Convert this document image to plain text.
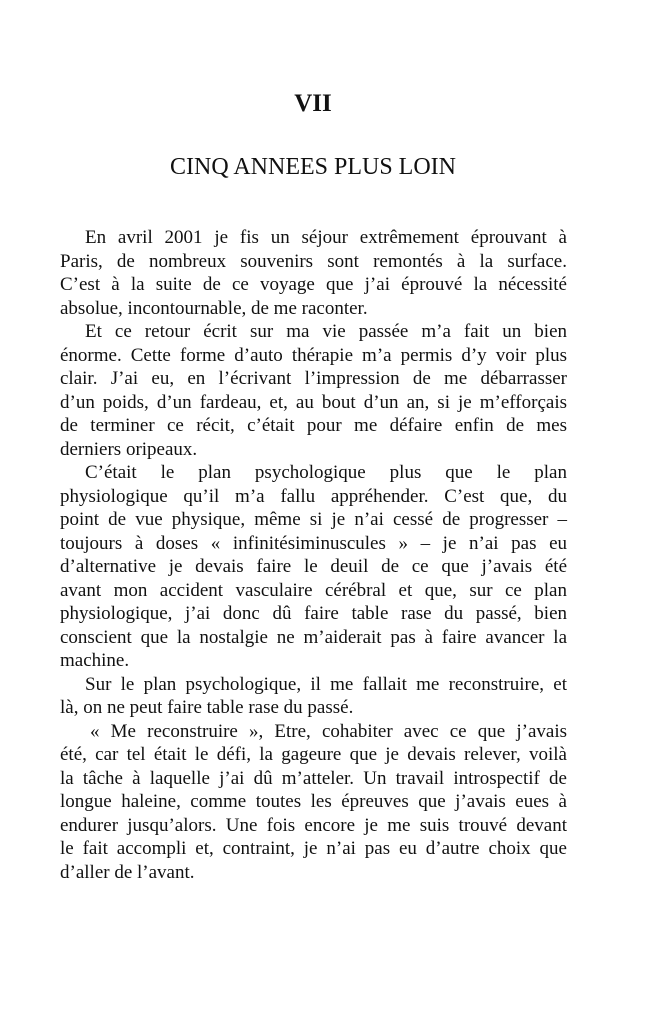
VII
CINQ ANNEES PLUS LOIN
En avril 2001 je fis un séjour extrêmement éprouvant à
Paris, de nombreux souvenirs sont remontés à la surface.
C’est à la suite de ce voyage que j’ai éprouvé la nécessité
absolue, incontournable, de me raconter.
Et ce retour écrit sur ma vie passée m’a fait un bien
énorme. Cette forme d’auto thérapie m’a permis d’y voir plus
clair. J’ai eu, en l’écrivant l’impression de me débarrasser
d’un poids, d’un fardeau, et, au bout d’un an, si je m’efforçais
de terminer ce récit, c’était pour me défaire enfin de mes
derniers oripeaux.
C’était le plan psychologique plus que le plan
physiologique qu’il m’a fallu appréhender. C’est que, du
point de vue physique, même si je n’ai cessé de progresser –
toujours à doses « infinitésiminuscules » – je n’ai pas eu
d’alternative je devais faire le deuil de ce que j’avais été
avant mon accident vasculaire cérébral et que, sur ce plan
physiologique, j’ai donc dû faire table rase du passé, bien
conscient que la nostalgie ne m’aiderait pas à faire avancer la
machine.
Sur le plan psychologique, il me fallait me reconstruire, et
là, on ne peut faire table rase du passé.
« Me reconstruire », Etre, cohabiter avec ce que j’avais
été, car tel était le défi, la gageure que je devais relever, voilà
la tâche à laquelle j’ai dû m’atteler. Un travail introspectif de
longue haleine, comme toutes les épreuves que j’avais eues à
endurer jusqu’alors. Une fois encore je me suis trouvé devant
le fait accompli et, contraint, je n’ai pas eu d’autre choix que
d’aller de l’avant.
